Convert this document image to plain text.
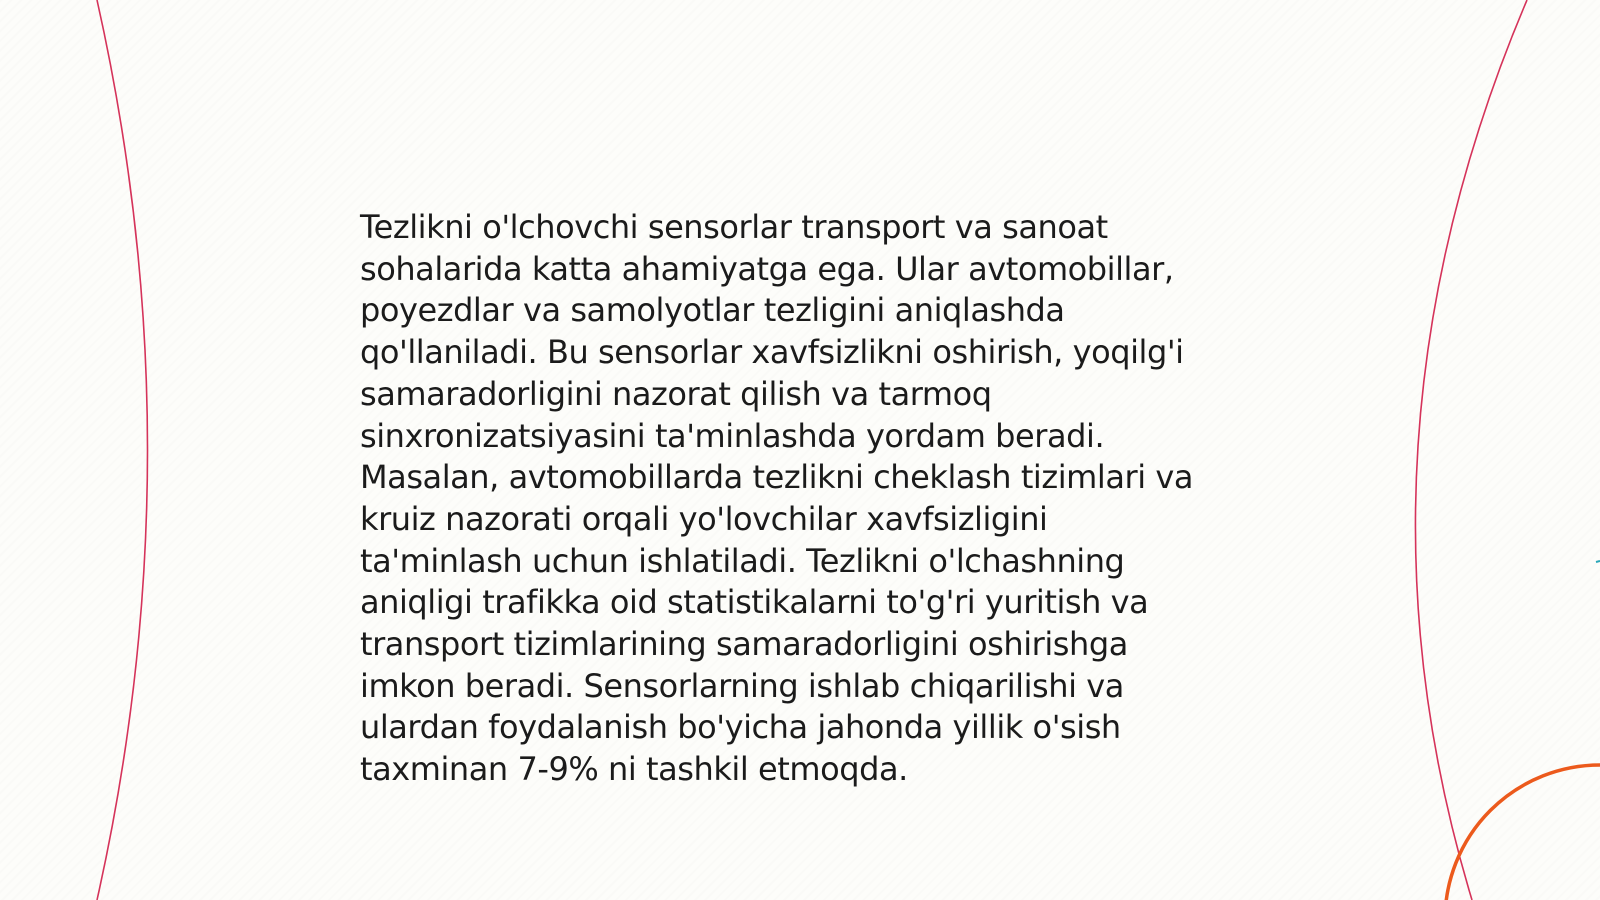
Tezlikni o'lchovchi sensorlar transport va sanoat
sohalarida katta ahamiyatga ega. Ular avtomobillar,
poyezdlar va samolyotlar tezligini aniqlashda
qo'llaniladi. Bu sensorlar xavfsizlikni oshirish, yoqilg'i
samaradorligini nazorat qilish va tarmoq
sinxronizatsiyasini ta'minlashda yordam beradi.
Masalan, avtomobillarda tezlikni cheklash tizimlari va
kruiz nazorati orqali yo'lovchilar xavfsizligini
ta'minlash uchun ishlatiladi. Tezlikni o'lchashning
aniqligi trafikka oid statistikalarni to'g'ri yuritish va
transport tizimlarining samaradorligini oshirishga
imkon beradi. Sensorlarning ishlab chiqarilishi va
ulardan foydalanish bo'yicha jahonda yillik o'sish
taxminan 7-9% ni tashkil etmoqda.
